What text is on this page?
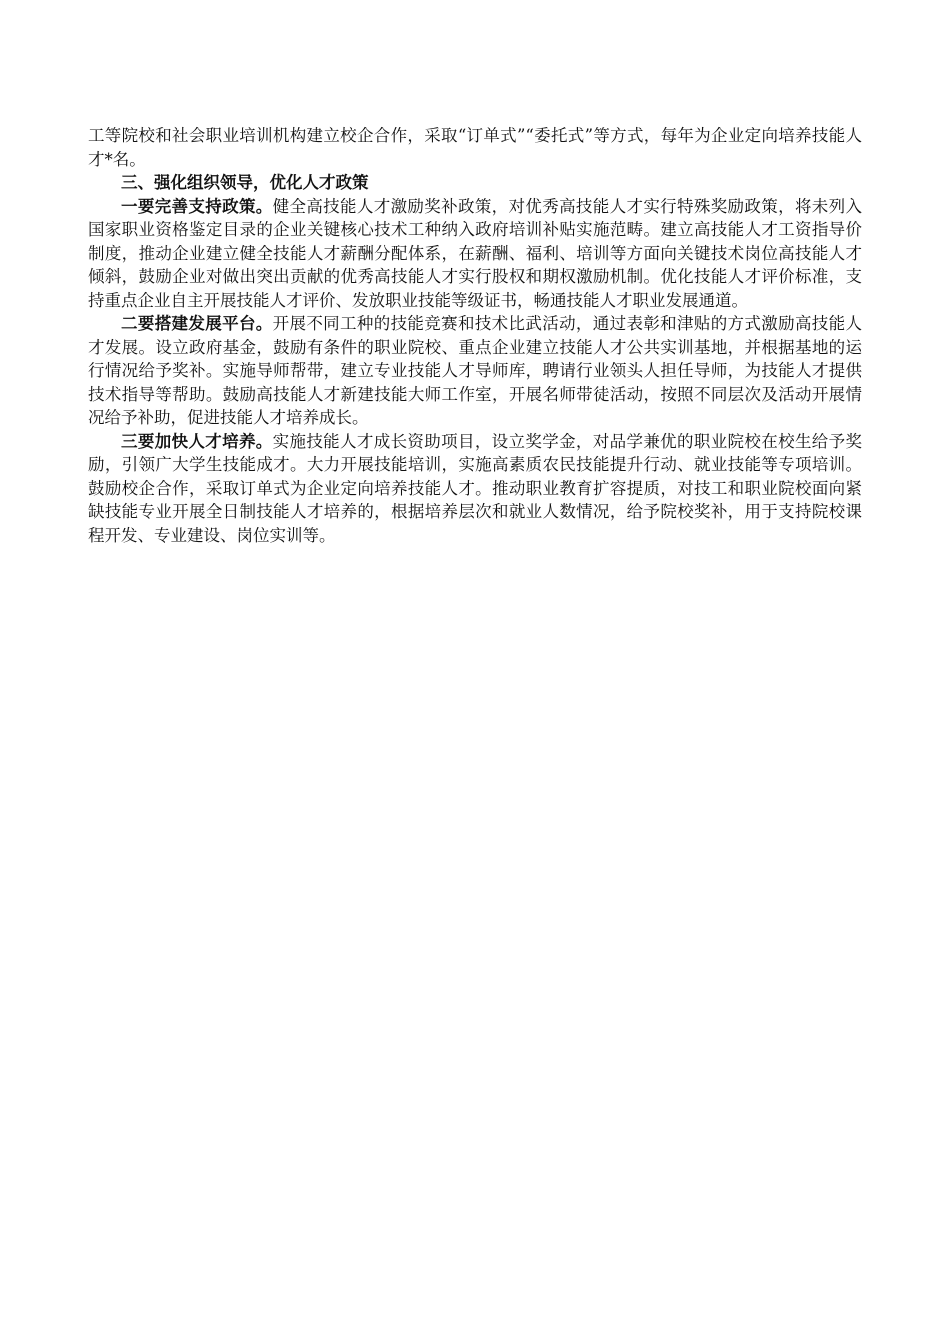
工等院校和社会职业培训机构建立校企合作，采取“订单式”“委托式”等方式，每年为企业定向培养技能人才*名。

三、强化组织领导，优化人才政策

一要完善支持政策。健全高技能人才激励奖补政策，对优秀高技能人才实行特殊奖励政策，将未列入国家职业资格鉴定目录的企业关键核心技术工种纳入政府培训补贴实施范畴。建立高技能人才工资指导价制度，推动企业建立健全技能人才薪酬分配体系，在薪酬、福利、培训等方面向关键技术岗位高技能人才倾斜，鼓励企业对做出突出贡献的优秀高技能人才实行股权和期权激励机制。优化技能人才评价标准，支持重点企业自主开展技能人才评价、发放职业技能等级证书，畅通技能人才职业发展通道。

二要搭建发展平台。开展不同工种的技能竞赛和技术比武活动，通过表彰和津贴的方式激励高技能人才发展。设立政府基金，鼓励有条件的职业院校、重点企业建立技能人才公共实训基地，并根据基地的运行情况给予奖补。实施导师帮带，建立专业技能人才导师库，聘请行业领头人担任导师，为技能人才提供技术指导等帮助。鼓励高技能人才新建技能大师工作室，开展名师带徒活动，按照不同层次及活动开展情况给予补助，促进技能人才培养成长。

三要加快人才培养。实施技能人才成长资助项目，设立奖学金，对品学兼优的职业院校在校生给予奖励，引领广大学生技能成才。大力开展技能培训，实施高素质农民技能提升行动、就业技能等专项培训。鼓励校企合作，采取订单式为企业定向培养技能人才。推动职业教育扩容提质，对技工和职业院校面向紧缺技能专业开展全日制技能人才培养的，根据培养层次和就业人数情况，给予院校奖补，用于支持院校课程开发、专业建设、岗位实训等。
